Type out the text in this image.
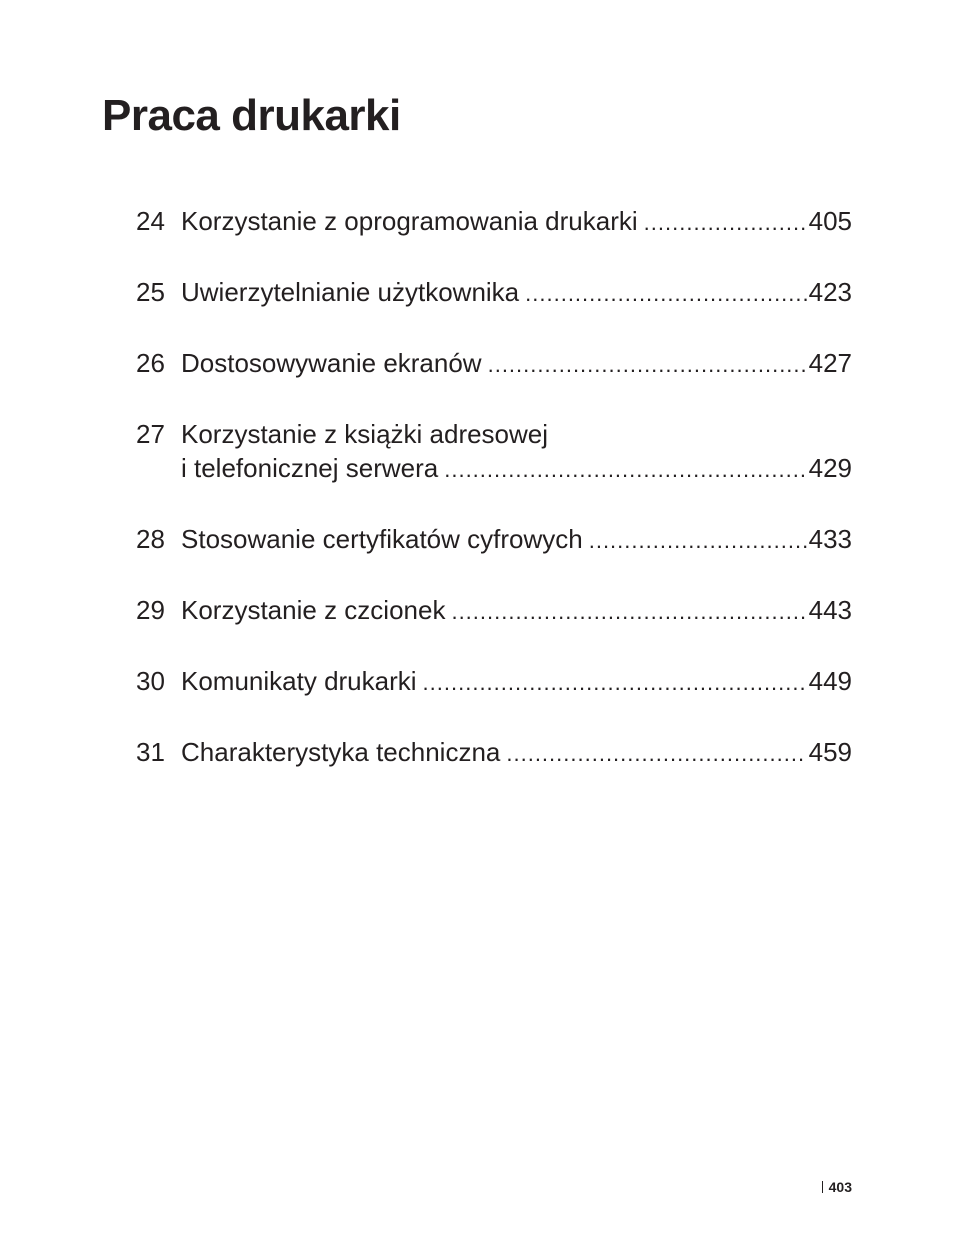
Praca drukarki
24 Korzystanie z oprogramowania drukarki .....	405
25 Uwierzytelnianie użytkownika .....	423
26 Dostosowywanie ekranów .....	427
27 Korzystanie z książki adresowej
i telefonicznej serwera .....	429
28 Stosowanie certyfikatów cyfrowych .....	433
29 Korzystanie z czcionek .....	443
30 Komunikaty drukarki .....	449
31 Charakterystyka techniczna .....	459
403
